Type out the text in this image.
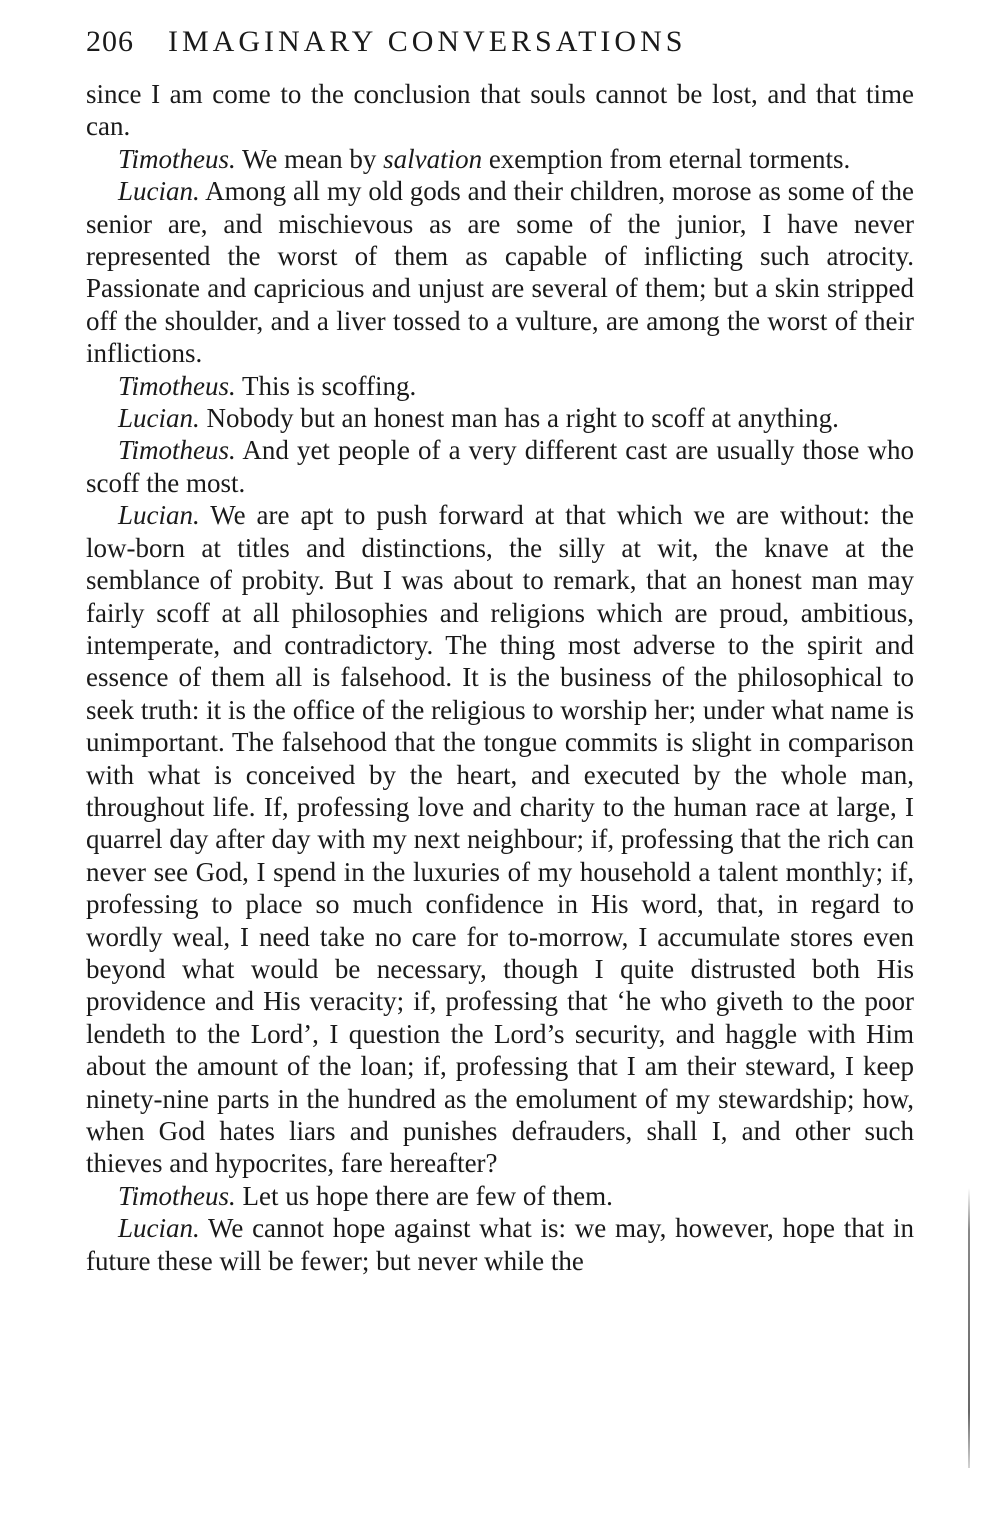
206 IMAGINARY CONVERSATIONS

since I am come to the conclusion that souls cannot be lost, and that time can.

Timotheus. We mean by salvation exemption from eternal torments.

Lucian. Among all my old gods and their children, morose as some of the senior are, and mischievous as are some of the junior, I have never represented the worst of them as capable of inflicting such atrocity. Passionate and capricious and unjust are several of them; but a skin stripped off the shoulder, and a liver tossed to a vulture, are among the worst of their inflictions.

Timotheus. This is scoffing.

Lucian. Nobody but an honest man has a right to scoff at anything.

Timotheus. And yet people of a very different cast are usually those who scoff the most.

Lucian. We are apt to push forward at that which we are without: the low-born at titles and distinctions, the silly at wit, the knave at the semblance of probity. But I was about to remark, that an honest man may fairly scoff at all philosophies and religions which are proud, ambitious, intemperate, and contradictory. The thing most adverse to the spirit and essence of them all is falsehood. It is the business of the philosophical to seek truth: it is the office of the religious to worship her; under what name is unimportant. The falsehood that the tongue commits is slight in comparison with what is conceived by the heart, and executed by the whole man, throughout life. If, professing love and charity to the human race at large, I quarrel day after day with my next neighbour; if, professing that the rich can never see God, I spend in the luxuries of my household a talent monthly; if, professing to place so much confidence in His word, that, in regard to wordly weal, I need take no care for to-morrow, I accumulate stores even beyond what would be necessary, though I quite distrusted both His providence and His veracity; if, professing that ‘he who giveth to the poor lendeth to the Lord’, I question the Lord’s security, and haggle with Him about the amount of the loan; if, professing that I am their steward, I keep ninety-nine parts in the hundred as the emolument of my stewardship; how, when God hates liars and punishes defrauders, shall I, and other such thieves and hypocrites, fare hereafter?

Timotheus. Let us hope there are few of them.

Lucian. We cannot hope against what is: we may, however, hope that in future these will be fewer; but never while the
